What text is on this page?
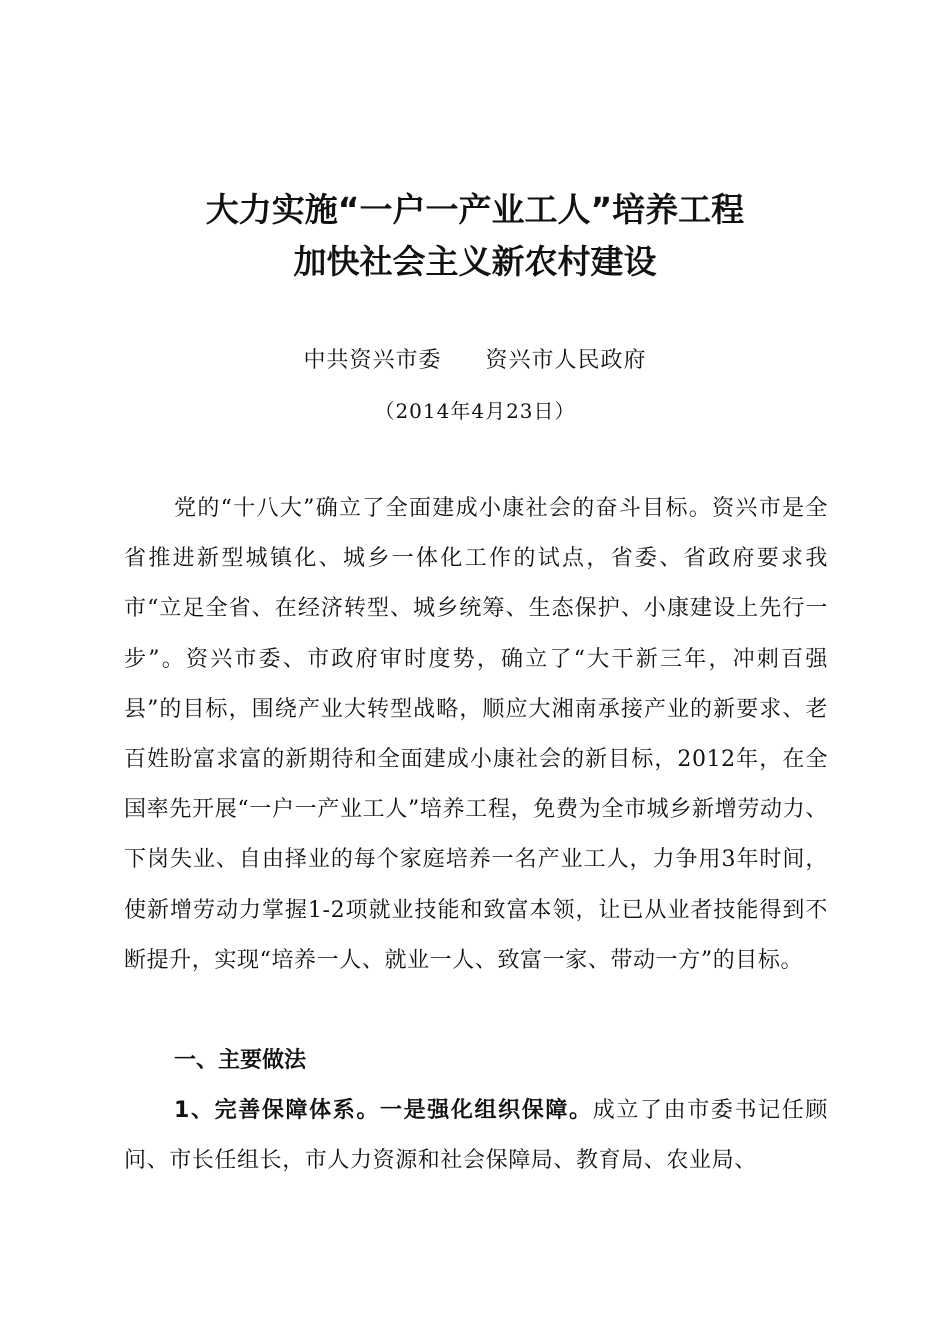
大力实施“一户一产业工人”培养工程
加快社会主义新农村建设
中共资兴市委 资兴市人民政府
（2014年4月23日）

党的“十八大”确立了全面建成小康社会的奋斗目标。资兴市是全省推进新型城镇化、城乡一体化工作的试点，省委、省政府要求我市“立足全省、在经济转型、城乡统筹、生态保护、小康建设上先行一步”。资兴市委、市政府审时度势，确立了“大干新三年，冲刺百强县”的目标，围绕产业大转型战略，顺应大湘南承接产业的新要求、老百姓盼富求富的新期待和全面建成小康社会的新目标，2012年，在全国率先开展“一户一产业工人”培养工程，免费为全市城乡新增劳动力、下岗失业、自由择业的每个家庭培养一名产业工人，力争用3年时间，使新增劳动力掌握1-2项就业技能和致富本领，让已从业者技能得到不断提升，实现“培养一人、就业一人、致富一家、带动一方”的目标。

一、主要做法

1、完善保障体系。一是强化组织保障。成立了由市委书记任顾问、市长任组长，市人力资源和社会保障局、教育局、农业局、
